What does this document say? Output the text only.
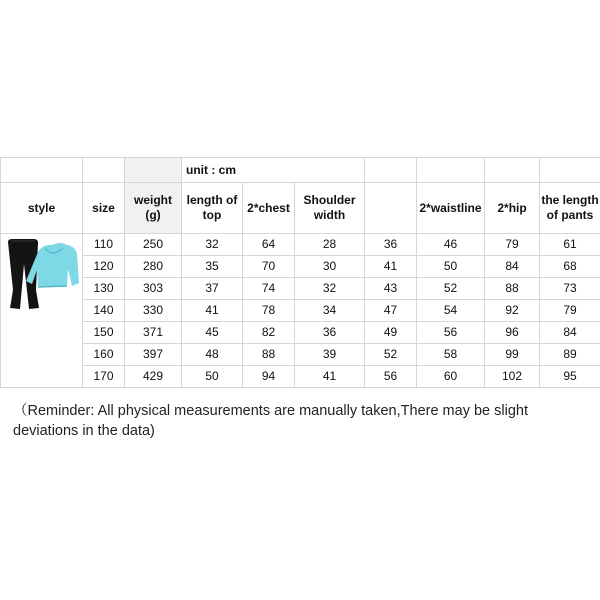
			unit : cm						
style	size	weight (g)	length of top	2*chest	Shoulder width		2*waistline	2*hip	the length of pants

	110	250	32	64	28	36	46	79	61
	120	280	35	70	30	41	50	84	68
	130	303	37	74	32	43	52	88	73
	140	330	41	78	34	47	54	92	79
	150	371	45	82	36	49	56	96	84
	160	397	48	88	39	52	58	99	89
	170	429	50	94	41	56	60	102	95

（Reminder: All physical measurements are manually taken,There may be slight deviations in the data)
